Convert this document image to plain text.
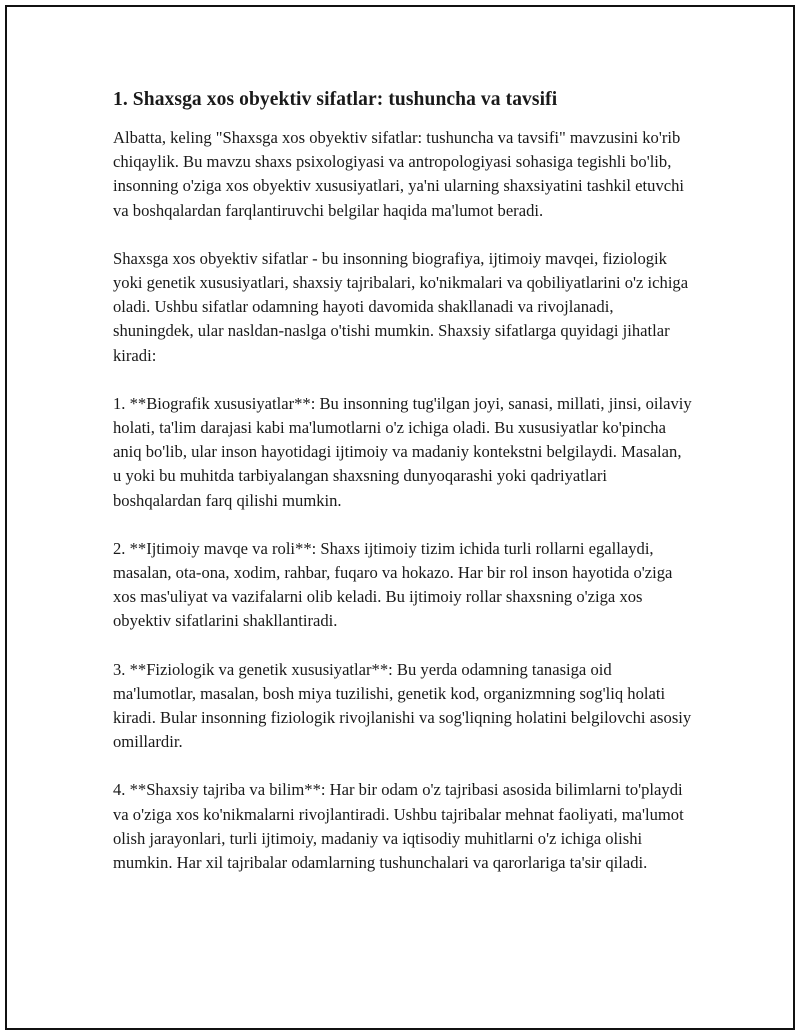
1. Shaxsga xos obyektiv sifatlar: tushuncha va tavsifi

Albatta, keling "Shaxsga xos obyektiv sifatlar: tushuncha va tavsifi" mavzusini ko'rib chiqaylik. Bu mavzu shaxs psixologiyasi va antropologiyasi sohasiga tegishli bo'lib, insonning o'ziga xos obyektiv xususiyatlari, ya'ni ularning shaxsiyatini tashkil etuvchi va boshqalardan farqlantiruvchi belgilar haqida ma'lumot beradi.

Shaxsga xos obyektiv sifatlar - bu insonning biografiya, ijtimoiy mavqei, fiziologik yoki genetik xususiyatlari, shaxsiy tajribalari, ko'nikmalari va qobiliyatlarini o'z ichiga oladi. Ushbu sifatlar odamning hayoti davomida shakllanadi va rivojlanadi, shuningdek, ular nasldan-naslga o'tishi mumkin. Shaxsiy sifatlarga quyidagi jihatlar kiradi:

1. **Biografik xususiyatlar**: Bu insonning tug'ilgan joyi, sanasi, millati, jinsi, oilaviy holati, ta'lim darajasi kabi ma'lumotlarni o'z ichiga oladi. Bu xususiyatlar ko'pincha aniq bo'lib, ular inson hayotidagi ijtimoiy va madaniy kontekstni belgilaydi. Masalan, u yoki bu muhitda tarbiyalangan shaxsning dunyoqarashi yoki qadriyatlari boshqalardan farq qilishi mumkin.

2. **Ijtimoiy mavqe va roli**: Shaxs ijtimoiy tizim ichida turli rollarni egallaydi, masalan, ota-ona, xodim, rahbar, fuqaro va hokazo. Har bir rol inson hayotida o'ziga xos mas'uliyat va vazifalarni olib keladi. Bu ijtimoiy rollar shaxsning o'ziga xos obyektiv sifatlarini shakllantiradi.

3. **Fiziologik va genetik xususiyatlar**: Bu yerda odamning tanasiga oid ma'lumotlar, masalan, bosh miya tuzilishi, genetik kod, organizmning sog'liq holati kiradi. Bular insonning fiziologik rivojlanishi va sog'liqning holatini belgilovchi asosiy omillardir.

4. **Shaxsiy tajriba va bilim**: Har bir odam o'z tajribasi asosida bilimlarni to'playdi va o'ziga xos ko'nikmalarni rivojlantiradi. Ushbu tajribalar mehnat faoliyati, ma'lumot olish jarayonlari, turli ijtimoiy, madaniy va iqtisodiy muhitlarni o'z ichiga olishi mumkin. Har xil tajribalar odamlarning tushunchalari va qarorlariga ta'sir qiladi.
